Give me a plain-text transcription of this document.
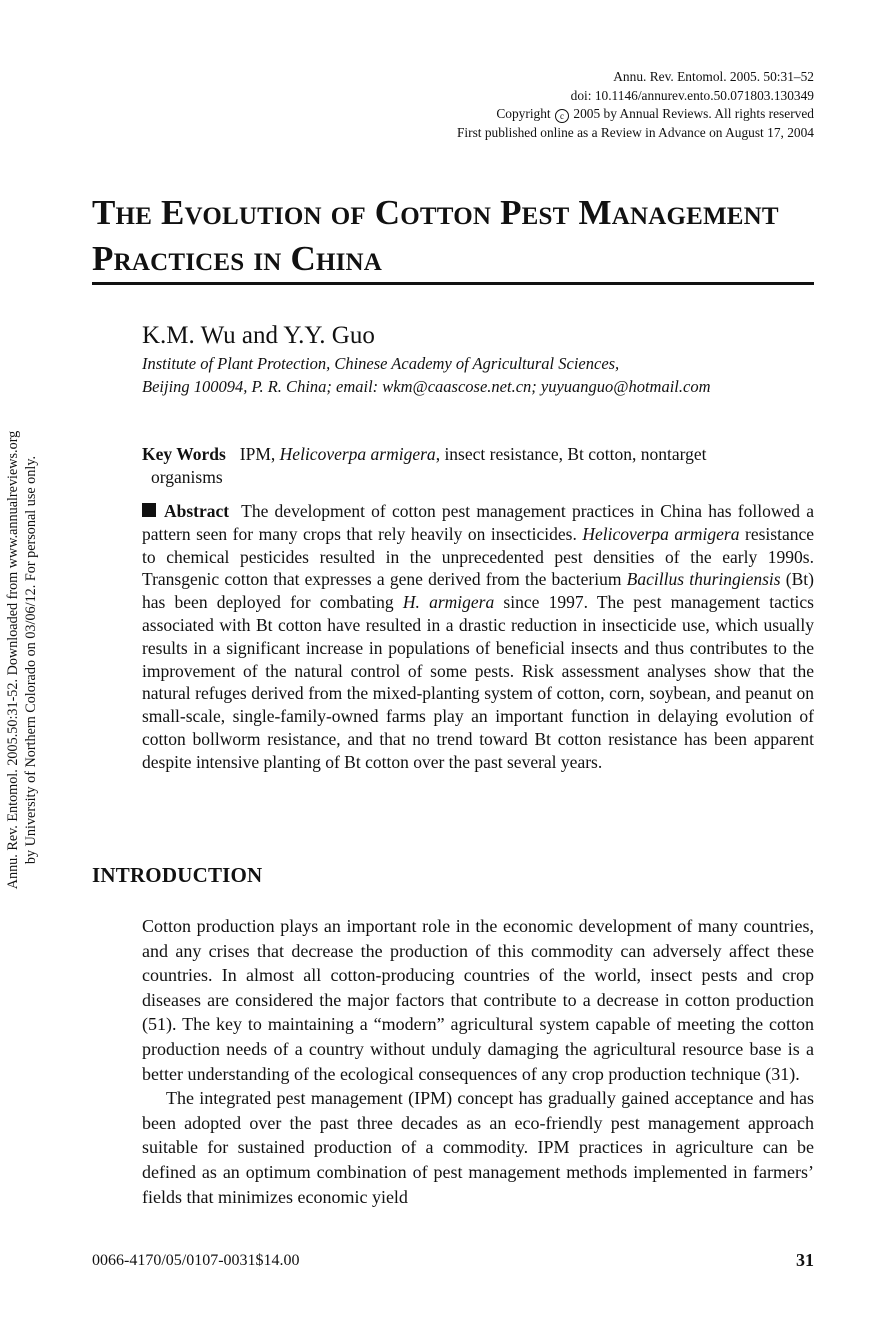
Annu. Rev. Entomol. 2005.50:31-52. Downloaded from www.annualreviews.org by University of Northern Colorado on 03/06/12. For personal use only.
Annu. Rev. Entomol. 2005. 50:31–52
doi: 10.1146/annurev.ento.50.071803.130349
Copyright c 2005 by Annual Reviews. All rights reserved
First published online as a Review in Advance on August 17, 2004
The Evolution of Cotton Pest Management
Practices in China
K.M. Wu and Y.Y. Guo
Institute of Plant Protection, Chinese Academy of Agricultural Sciences,
Beijing 100094, P. R. China; email: wkm@caascose.net.cn; yuyuanguo@hotmail.com
Key Words IPM, Helicoverpa armigera, insect resistance, Bt cotton, nontarget
organisms
Abstract The development of cotton pest management practices in China has followed a pattern seen for many crops that rely heavily on insecticides. Helicoverpa armigera resistance to chemical pesticides resulted in the unprecedented pest densities of the early 1990s. Transgenic cotton that expresses a gene derived from the bacterium Bacillus thuringiensis (Bt) has been deployed for combating H. armigera since 1997. The pest management tactics associated with Bt cotton have resulted in a drastic reduction in insecticide use, which usually results in a significant increase in populations of beneficial insects and thus contributes to the improvement of the natural control of some pests. Risk assessment analyses show that the natural refuges derived from the mixed-planting system of cotton, corn, soybean, and peanut on small-scale, single-family-owned farms play an important function in delaying evolution of cotton bollworm resistance, and that no trend toward Bt cotton resistance has been apparent despite intensive planting of Bt cotton over the past several years.
INTRODUCTION

Cotton production plays an important role in the economic development of many countries, and any crises that decrease the production of this commodity can adversely affect these countries. In almost all cotton-producing countries of the world, insect pests and crop diseases are considered the major factors that contribute to a decrease in cotton production (51). The key to maintaining a “modern” agricultural system capable of meeting the cotton production needs of a country without unduly damaging the agricultural resource base is a better understanding of the ecological consequences of any crop production technique (31).

The integrated pest management (IPM) concept has gradually gained acceptance and has been adopted over the past three decades as an eco-friendly pest management approach suitable for sustained production of a commodity. IPM practices in agriculture can be defined as an optimum combination of pest management methods implemented in farmers’ fields that minimizes economic yield

0066-4170/05/0107-0031$14.00	31
